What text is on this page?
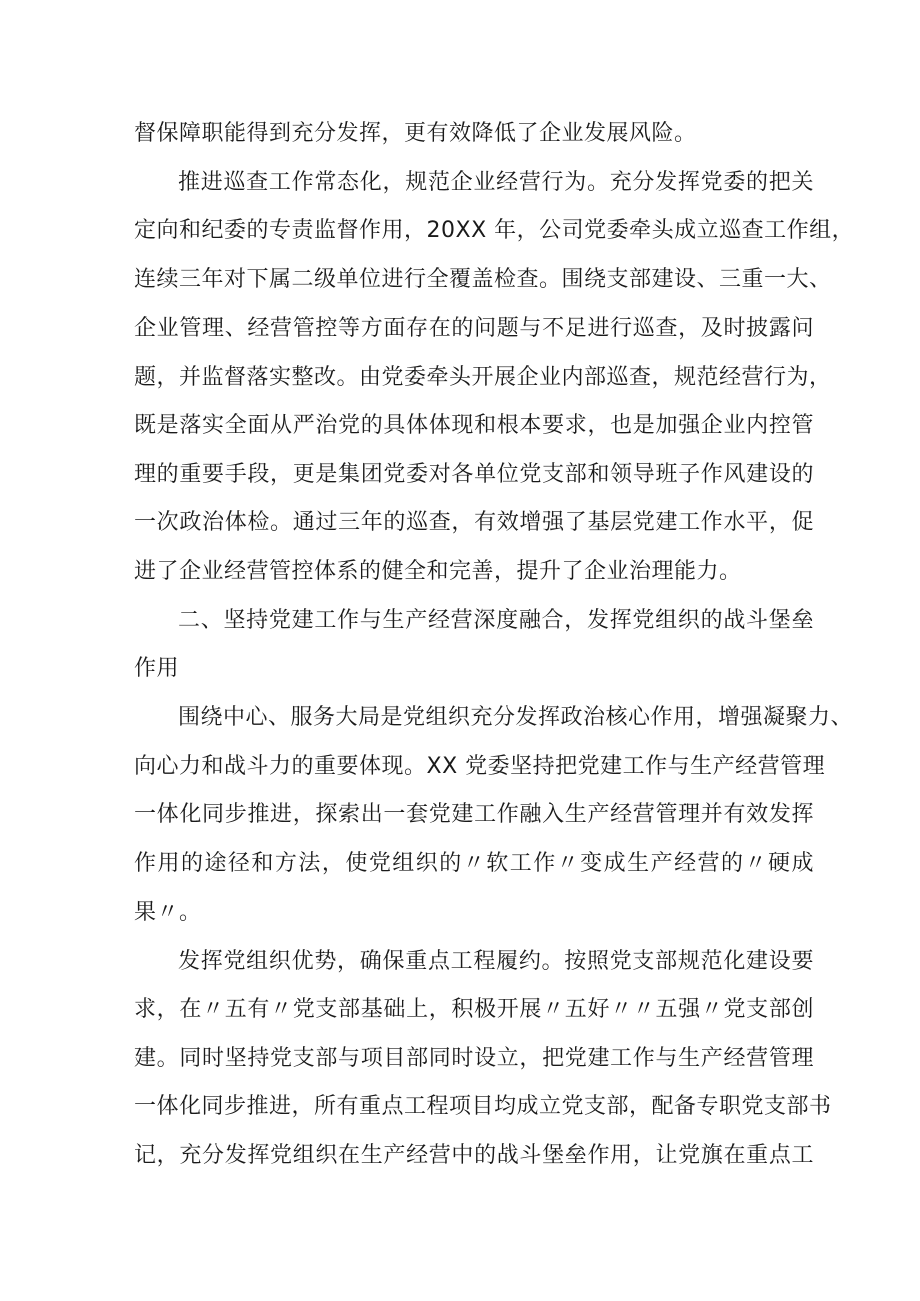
督保障职能得到充分发挥，更有效降低了企业发展风险。
推进巡查工作常态化，规范企业经营行为。充分发挥党委的把关
定向和纪委的专责监督作用，20XX 年，公司党委牵头成立巡查工作组，
连续三年对下属二级单位进行全覆盖检查。围绕支部建设、三重一大、
企业管理、经营管控等方面存在的问题与不足进行巡查，及时披露问
题，并监督落实整改。由党委牵头开展企业内部巡查，规范经营行为，
既是落实全面从严治党的具体体现和根本要求，也是加强企业内控管
理的重要手段，更是集团党委对各单位党支部和领导班子作风建设的
一次政治体检。通过三年的巡查，有效增强了基层党建工作水平，促
进了企业经营管控体系的健全和完善，提升了企业治理能力。
二、坚持党建工作与生产经营深度融合，发挥党组织的战斗堡垒
作用
围绕中心、服务大局是党组织充分发挥政治核心作用，增强凝聚力、
向心力和战斗力的重要体现。XX 党委坚持把党建工作与生产经营管理
一体化同步推进，探索出一套党建工作融入生产经营管理并有效发挥
作用的途径和方法，使党组织的〃软工作〃变成生产经营的〃硬成
果〃。
发挥党组织优势，确保重点工程履约。按照党支部规范化建设要
求，在〃五有〃党支部基础上，积极开展〃五好〃〃五强〃党支部创
建。同时坚持党支部与项目部同时设立，把党建工作与生产经营管理
一体化同步推进，所有重点工程项目均成立党支部，配备专职党支部书
记，充分发挥党组织在生产经营中的战斗堡垒作用，让党旗在重点工
